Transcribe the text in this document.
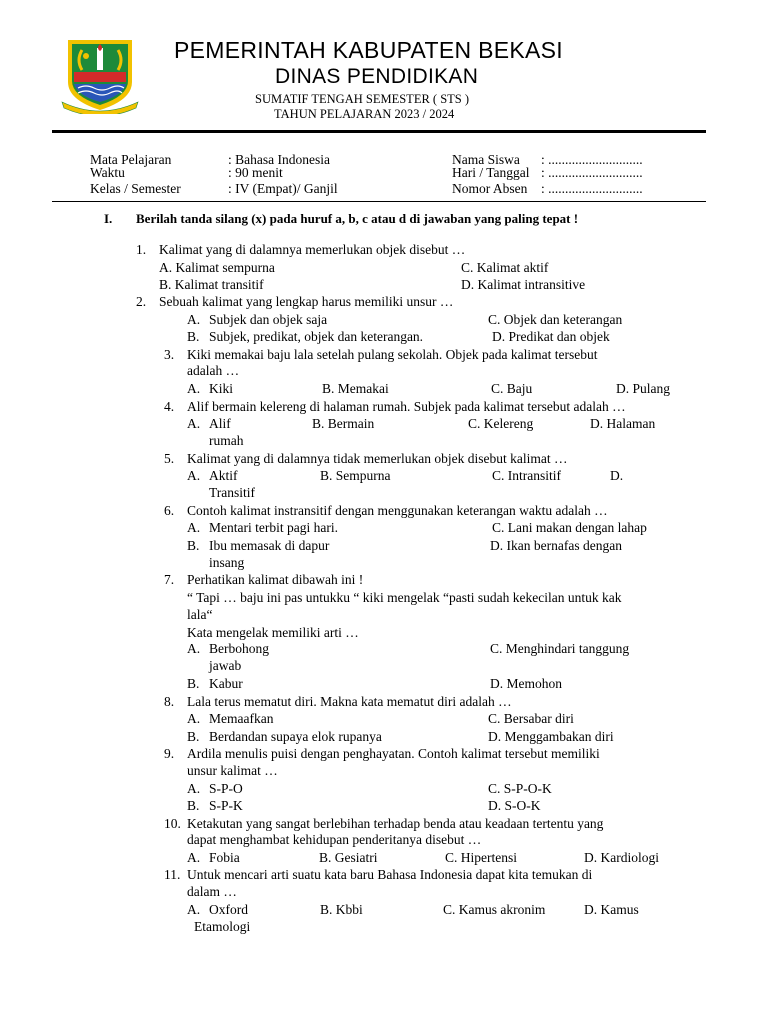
PEMERINTAH KABUPATEN BEKASI
DINAS PENDIDIKAN
SUMATIF TENGAH SEMESTER ( STS )
TAHUN PELAJARAN 2023 / 2024
Mata Pelajaran	: Bahasa Indonesia
Waktu	: 90 menit
Kelas / Semester	: IV (Empat)/ Ganjil
Nama Siswa : ............................
Hari / Tanggal : ............................
Nomor Absen : ............................
I. Berilah tanda silang (x) pada huruf a, b, c atau d di jawaban yang paling tepat !
1. Kalimat yang di dalamnya memerlukan objek disebut …
A. Kalimat sempurna	C. Kalimat aktif
B. Kalimat transitif	D. Kalimat intransitive
2. Sebuah kalimat yang lengkap harus memiliki unsur …
A. Subjek dan objek saja	C. Objek dan keterangan
B. Subjek, predikat, objek dan keterangan.	D. Predikat dan objek
3. Kiki memakai baju lala setelah pulang sekolah. Objek pada kalimat tersebut
adalah …
A. Kiki	B. Memakai	C. Baju	D. Pulang
4. Alif bermain kelereng di halaman rumah. Subjek pada kalimat tersebut adalah …
A. Alif	B. Bermain	C. Kelereng	D. Halaman
rumah
5. Kalimat yang di dalamnya tidak memerlukan objek disebut kalimat …
A. Aktif	B. Sempurna	C. Intransitif	D.
Transitif
6. Contoh kalimat instransitif dengan menggunakan keterangan waktu adalah …
A. Mentari terbit pagi hari.	C. Lani makan dengan lahap
B. Ibu memasak di dapur	D. Ikan bernafas dengan
insang
7. Perhatikan kalimat dibawah ini !
“ Tapi … baju ini pas untukku “ kiki mengelak “pasti sudah kekecilan untuk kak
lala“
Kata mengelak memiliki arti …
A. Berbohong	C. Menghindari tanggung
jawab
B. Kabur	D. Memohon
8. Lala terus mematut diri. Makna kata mematut diri adalah …
A. Memaafkan	C. Bersabar diri
B. Berdandan supaya elok rupanya	D. Menggambakan diri
9. Ardila menulis puisi dengan penghayatan. Contoh kalimat tersebut memiliki
unsur kalimat …
A. S-P-O	C. S-P-O-K
B. S-P-K	D. S-O-K
10. Ketakutan yang sangat berlebihan terhadap benda atau keadaan tertentu yang
dapat menghambat kehidupan penderitanya disebut …
A. Fobia	B. Gesiatri	C. Hipertensi	D. Kardiologi
11. Untuk mencari arti suatu kata baru Bahasa Indonesia dapat kita temukan di
dalam …
A. Oxford	B. Kbbi	C. Kamus akronim	D. Kamus
Etamologi
